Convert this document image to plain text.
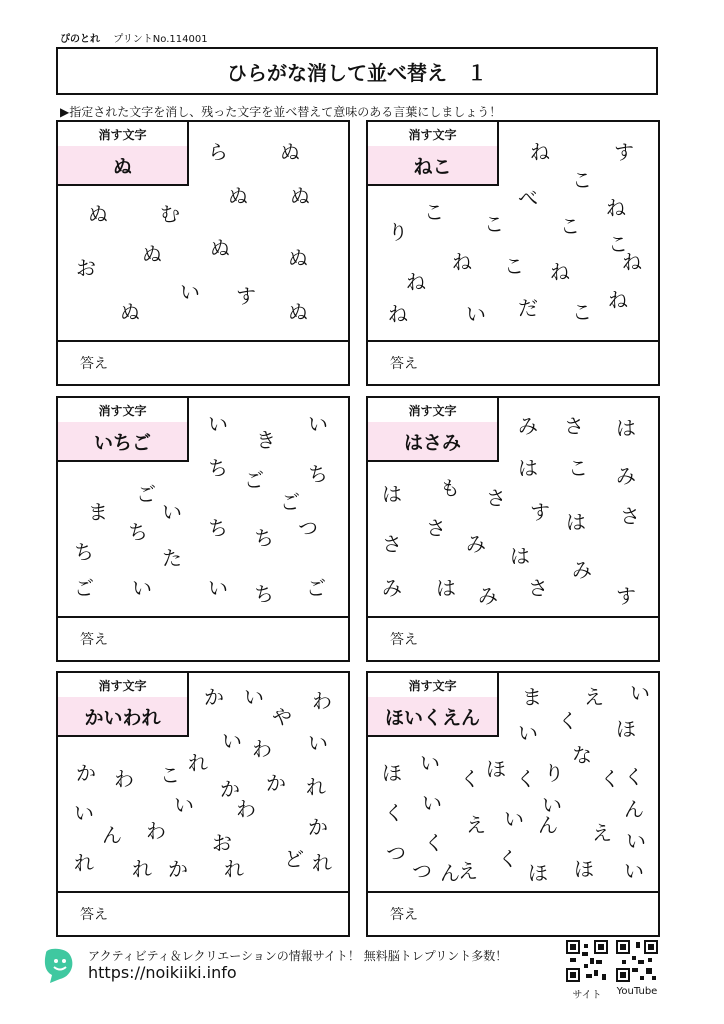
ぴのとれ プリントNo.114001
ひらがな消して並べ替え　１
▶指定された文字を消し、残った文字を並べ替えて意味のある言葉にしましょう！
消す文字
ぬ
ら	ぬ
ぬ ぬ
ぬ	む
ぬ ぬ	ぬ
お
い す
ぬ	ぬ
答え
消す文字
ねこ
ね	す
こ
べ	ね
こ こ	こ
こ
り
ね こ ね
ね
ね
ね	い だ こ
ね
答え
消す文字
いちご
い	い
き
ち ご ち
ご	ご
ま	い
ち	ち ち つ
ち	た
ご い	い ち ご
答え
消す文字
はさみ
み さ は
は こ み
は も さ
す は さ
さ
さ
み は
み
み は み さ	す
答え
消す文字
かいわれ
か い わ
や
い
い わ
れ
か わ こ
か か れ
い	い わ
か
ん わ お
れ れ か れ ど れ
答え
消す文字
ほいくえん
ま え い
い く ほ
な
く
ほ い
く ほ く り く
い	ん
く い
え い ん え い
つ く
つ え く
ほ ほ い
ん
答え
アクティビティ＆レクリエーションの情報サイト！ 無料脳トレプリント多数！
https://noikiiki.info
サイト	YouTube
